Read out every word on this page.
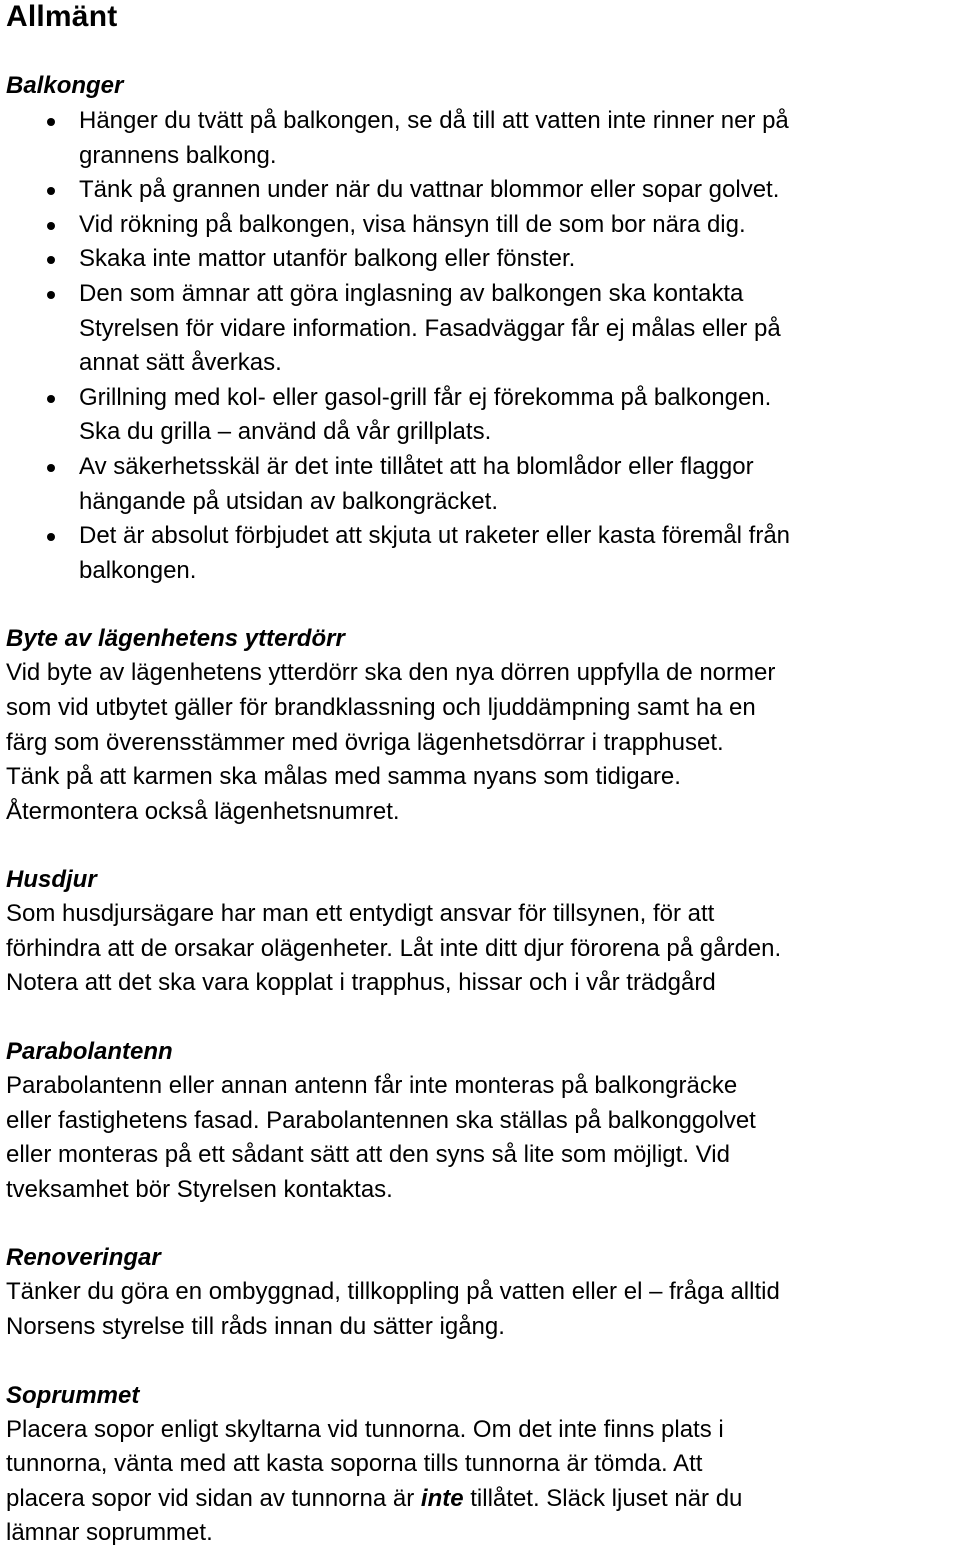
Allmänt
Balkonger
Hänger du tvätt på balkongen, se då till att vatten inte rinner ner på
grannens balkong.
Tänk på grannen under när du vattnar blommor eller sopar golvet.
Vid rökning på balkongen, visa hänsyn till de som bor nära dig.
Skaka inte mattor utanför balkong eller fönster.
Den som ämnar att göra inglasning av balkongen ska kontakta
Styrelsen för vidare information. Fasadväggar får ej målas eller på
annat sätt åverkas.
Grillning med kol- eller gasol-grill får ej förekomma på balkongen.
Ska du grilla – använd då vår grillplats.
Av säkerhetsskäl är det inte tillåtet att ha blomlådor eller flaggor
hängande på utsidan av balkongräcket.
Det är absolut förbjudet att skjuta ut raketer eller kasta föremål från
balkongen.
Byte av lägenhetens ytterdörr

Vid byte av lägenhetens ytterdörr ska den nya dörren uppfylla de normer
som vid utbytet gäller för brandklassning och ljuddämpning samt ha en
färg som överensstämmer med övriga lägenhetsdörrar i trapphuset.
Tänk på att karmen ska målas med samma nyans som tidigare.
Återmontera också lägenhetsnumret.

Husdjur

Som husdjursägare har man ett entydigt ansvar för tillsynen, för att
förhindra att de orsakar olägenheter. Låt inte ditt djur förorena på gården.
Notera att det ska vara kopplat i trapphus, hissar och i vår trädgård

Parabolantenn

Parabolantenn eller annan antenn får inte monteras på balkongräcke
eller fastighetens fasad. Parabolantennen ska ställas på balkonggolvet
eller monteras på ett sådant sätt att den syns så lite som möjligt. Vid
tveksamhet bör Styrelsen kontaktas.

Renoveringar

Tänker du göra en ombyggnad, tillkoppling på vatten eller el – fråga alltid
Norsens styrelse till råds innan du sätter igång.

Soprummet

Placera sopor enligt skyltarna vid tunnorna. Om det inte finns plats i
tunnorna, vänta med att kasta soporna tills tunnorna är tömda. Att
placera sopor vid sidan av tunnorna är inte tillåtet. Släck ljuset när du
lämnar soprummet.
